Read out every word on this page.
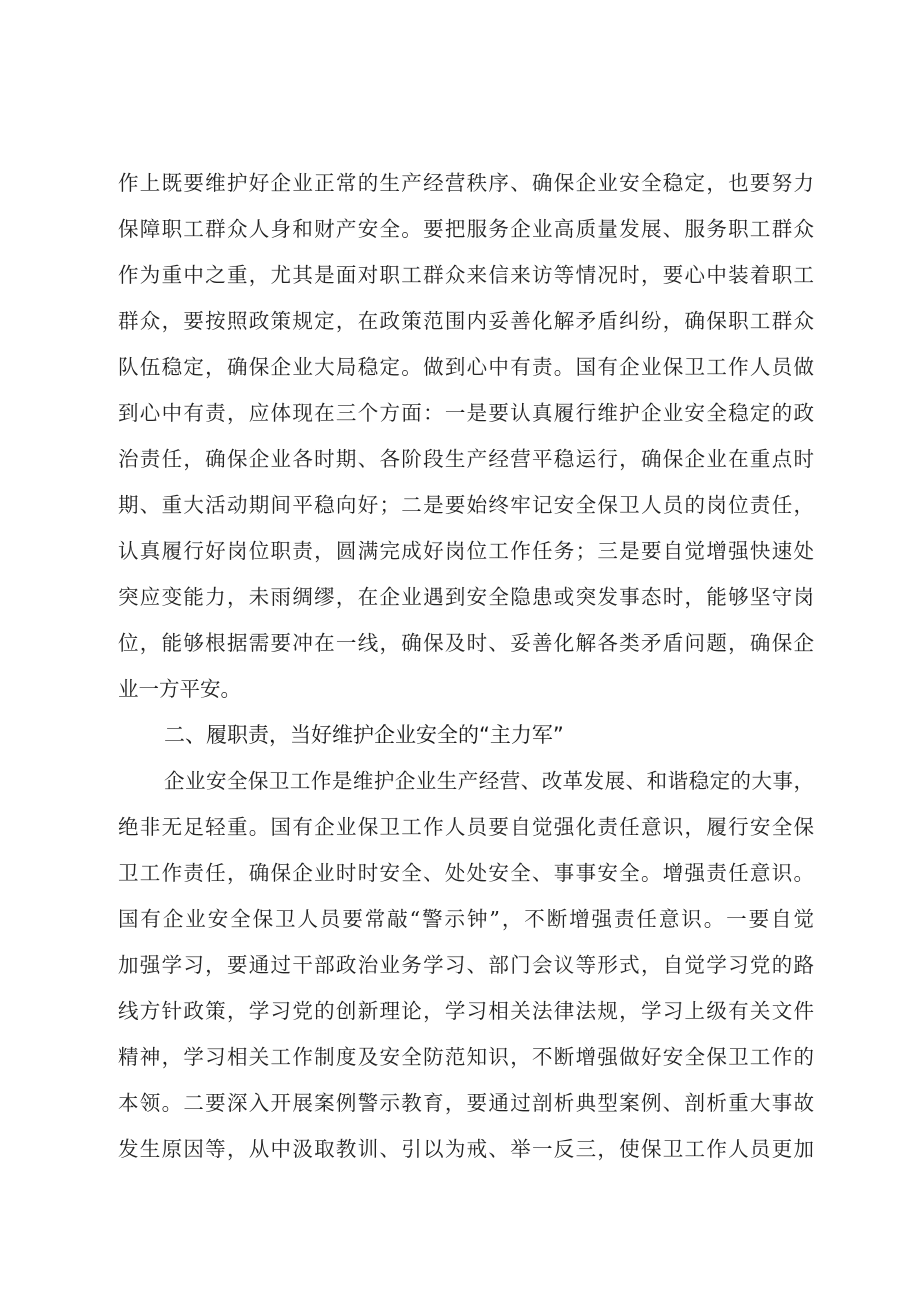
作上既要维护好企业正常的生产经营秩序、确保企业安全稳定，也要努力
保障职工群众人身和财产安全。要把服务企业高质量发展、服务职工群众
作为重中之重，尤其是面对职工群众来信来访等情况时，要心中装着职工
群众，要按照政策规定，在政策范围内妥善化解矛盾纠纷，确保职工群众
队伍稳定，确保企业大局稳定。做到心中有责。国有企业保卫工作人员做
到心中有责，应体现在三个方面：一是要认真履行维护企业安全稳定的政
治责任，确保企业各时期、各阶段生产经营平稳运行，确保企业在重点时
期、重大活动期间平稳向好；二是要始终牢记安全保卫人员的岗位责任，
认真履行好岗位职责，圆满完成好岗位工作任务；三是要自觉增强快速处
突应变能力，未雨绸缪，在企业遇到安全隐患或突发事态时，能够坚守岗
位，能够根据需要冲在一线，确保及时、妥善化解各类矛盾问题，确保企
业一方平安。
二、履职责，当好维护企业安全的“主力军”
企业安全保卫工作是维护企业生产经营、改革发展、和谐稳定的大事，
绝非无足轻重。国有企业保卫工作人员要自觉强化责任意识，履行安全保
卫工作责任，确保企业时时安全、处处安全、事事安全。增强责任意识。
国有企业安全保卫人员要常敲“警示钟”，不断增强责任意识。一要自觉
加强学习，要通过干部政治业务学习、部门会议等形式，自觉学习党的路
线方针政策，学习党的创新理论，学习相关法律法规，学习上级有关文件
精神，学习相关工作制度及安全防范知识，不断增强做好安全保卫工作的
本领。二要深入开展案例警示教育，要通过剖析典型案例、剖析重大事故
发生原因等，从中汲取教训、引以为戒、举一反三，使保卫工作人员更加
